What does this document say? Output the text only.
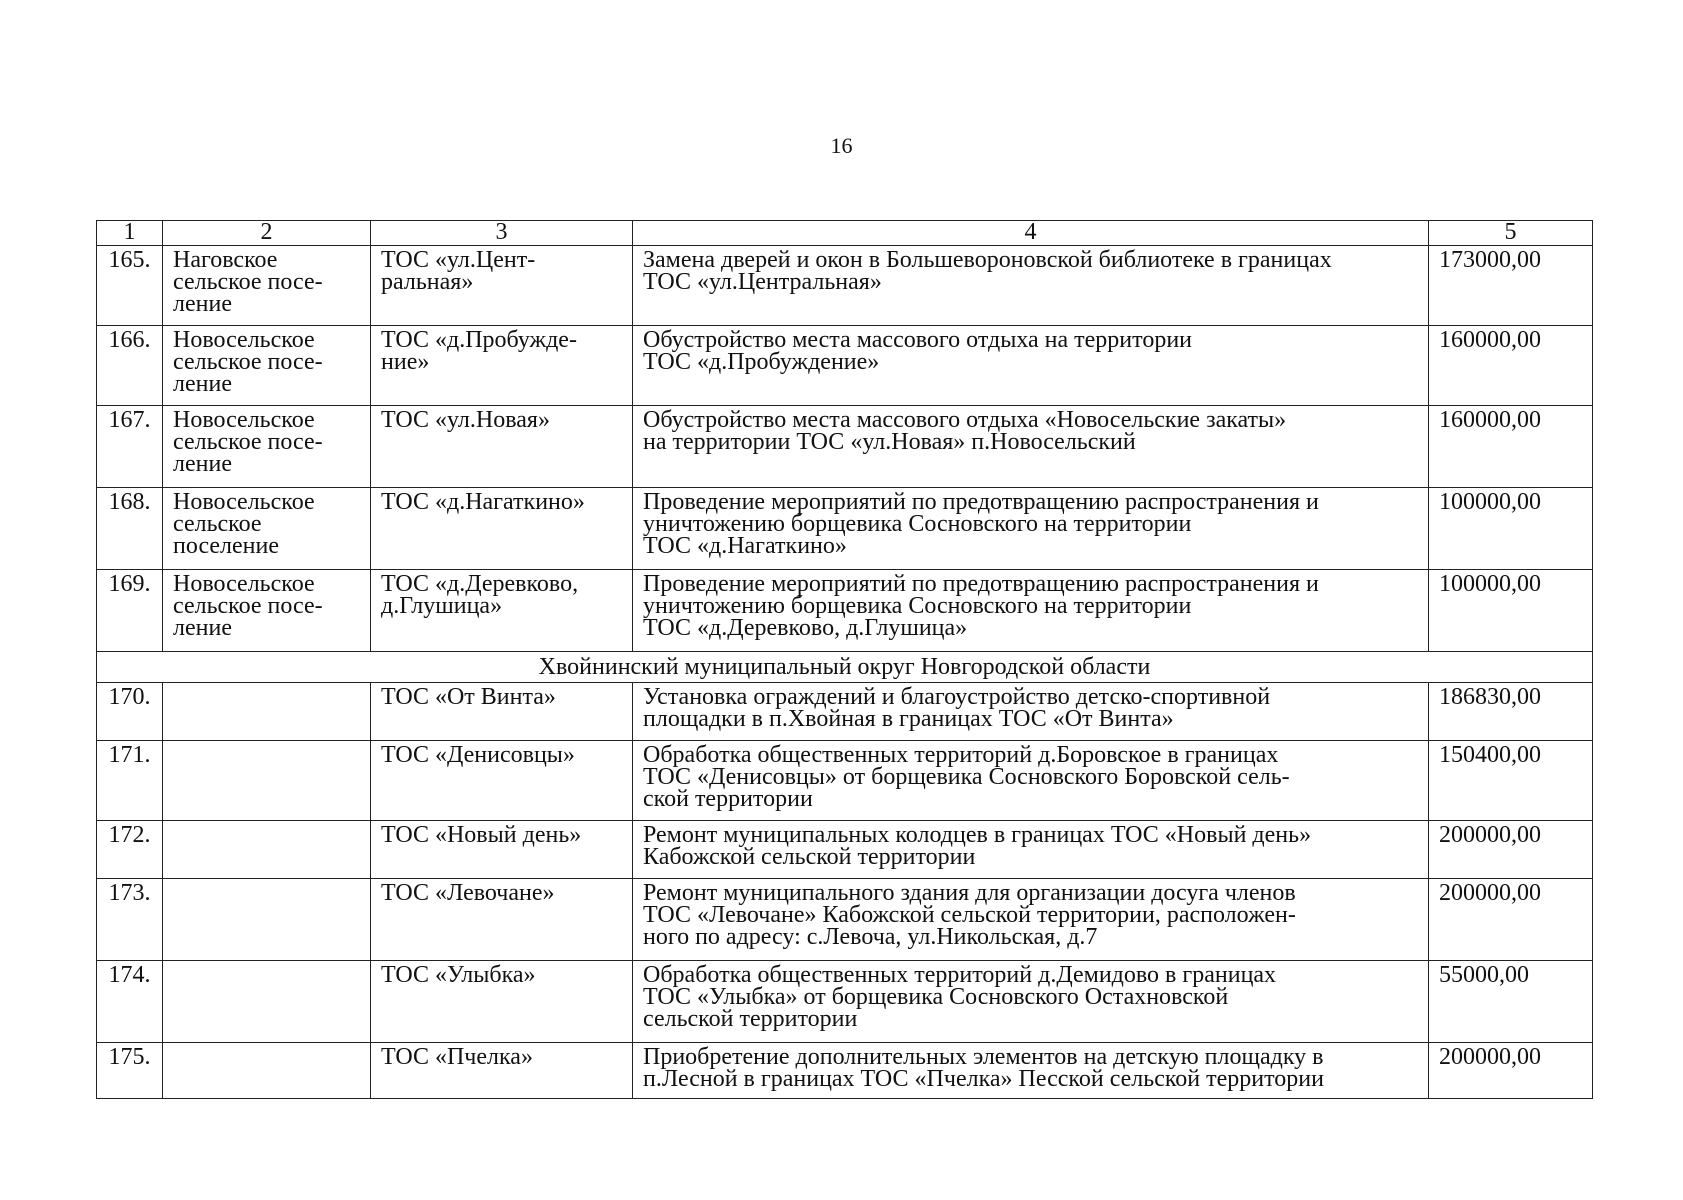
16
1	2	3	4	5
165.	Наговское
сельское посе-
ление	ТОС «ул.Цент-
ральная»	Замена дверей и окон в Большевороновской библиотеке в границах
ТОС «ул.Центральная»	173000,00
166.	Новосельское
сельское посе-
ление	ТОС «д.Пробужде-
ние»	Обустройство места массового отдыха на территории
ТОС «д.Пробуждение»	160000,00
167.	Новосельское
сельское посе-
ление	ТОС «ул.Новая»	Обустройство места массового отдыха «Новосельские закаты»
на территории ТОС «ул.Новая» п.Новосельский	160000,00
168.	Новосельское
сельское
поселение	ТОС «д.Нагаткино»	Проведение мероприятий по предотвращению распространения и
уничтожению борщевика Сосновского на территории
ТОС «д.Нагаткино»	100000,00
169.	Новосельское
сельское посе-
ление	ТОС «д.Деревково,
д.Глушица»	Проведение мероприятий по предотвращению распространения и
уничтожению борщевика Сосновского на территории
ТОС «д.Деревково, д.Глушица»	100000,00
Хвойнинский муниципальный округ Новгородской области				
170.		ТОС «От Винта»	Установка ограждений и благоустройство детско-спортивной
площадки в п.Хвойная в границах ТОС «От Винта»	186830,00
171.		ТОС «Денисовцы»	Обработка общественных территорий д.Боровское в границах
ТОС «Денисовцы» от борщевика Сосновского Боровской сель-
ской территории	150400,00
172.		ТОС «Новый день»	Ремонт муниципальных колодцев в границах ТОС «Новый день»
Кабожской сельской территории	200000,00
173.		ТОС «Левочане»	Ремонт муниципального здания для организации досуга членов
ТОС «Левочане» Кабожской сельской территории, расположен-
ного по адресу: с.Левоча, ул.Никольская, д.7	200000,00
174.		ТОС «Улыбка»	Обработка общественных территорий д.Демидово в границах
ТОС «Улыбка» от борщевика Сосновского Остахновской
сельской территории	55000,00
175.		ТОС «Пчелка»	Приобретение дополнительных элементов на детскую площадку в
п.Лесной в границах ТОС «Пчелка» Песской сельской территории	200000,00
